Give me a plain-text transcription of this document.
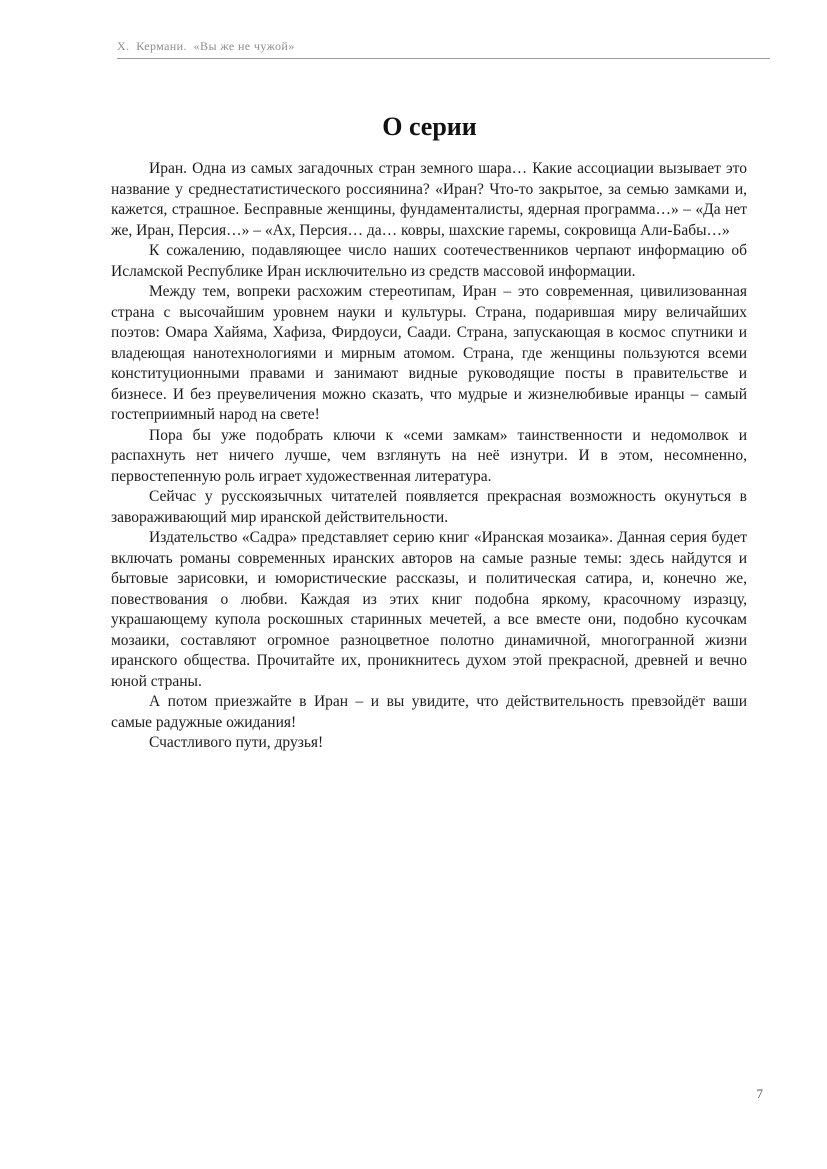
Х.  Кермани.  «Вы же не чужой»
О серии

Иран. Одна из самых загадочных стран земного шара… Какие ассоциации вызывает это название у среднестатистического россиянина? «Иран? Что-то закрытое, за семью замками и, кажется, страшное. Бесправные женщины, фундаменталисты, ядерная программа…» – «Да нет же, Иран, Персия…» – «Ах, Персия… да… ковры, шахские гаремы, сокровища Али-Бабы…»

К сожалению, подавляющее число наших соотечественников черпают информацию об Исламской Республике Иран исключительно из средств массовой информации.

Между тем, вопреки расхожим стереотипам, Иран – это современная, цивилизованная страна с высочайшим уровнем науки и культуры. Страна, подарившая миру величайших поэтов: Омара Хайяма, Хафиза, Фирдоуси, Саади. Страна, запускающая в космос спутники и владеющая нанотехнологиями и мирным атомом. Страна, где женщины пользуются всеми конституционными правами и занимают видные руководящие посты в правительстве и бизнесе. И без преувеличения можно сказать, что мудрые и жизнелюбивые иранцы – самый гостеприимный народ на свете!

Пора бы уже подобрать ключи к «семи замкам» таинственности и недомолвок и распахнуть нет ничего лучше, чем взглянуть на неё изнутри. И в этом, несомненно, первостепенную роль играет художественная литература.

Сейчас у русскоязычных читателей появляется прекрасная возможность окунуться в завораживающий мир иранской действительности.

Издательство «Садра» представляет серию книг «Иранская мозаика». Данная серия будет включать романы современных иранских авторов на самые разные темы: здесь найдутся и бытовые зарисовки, и юмористические рассказы, и политическая сатира, и, конечно же, повествования о любви. Каждая из этих книг подобна яркому, красочному изразцу, украшающему купола роскошных старинных мечетей, а все вместе они, подобно кусочкам мозаики, составляют огромное разноцветное полотно динамичной, многогранной жизни иранского общества. Прочитайте их, проникнитесь духом этой прекрасной, древней и вечно юной страны.

А потом приезжайте в Иран – и вы увидите, что действительность превзойдёт ваши самые радужные ожидания!

Счастливого пути, друзья!

7
